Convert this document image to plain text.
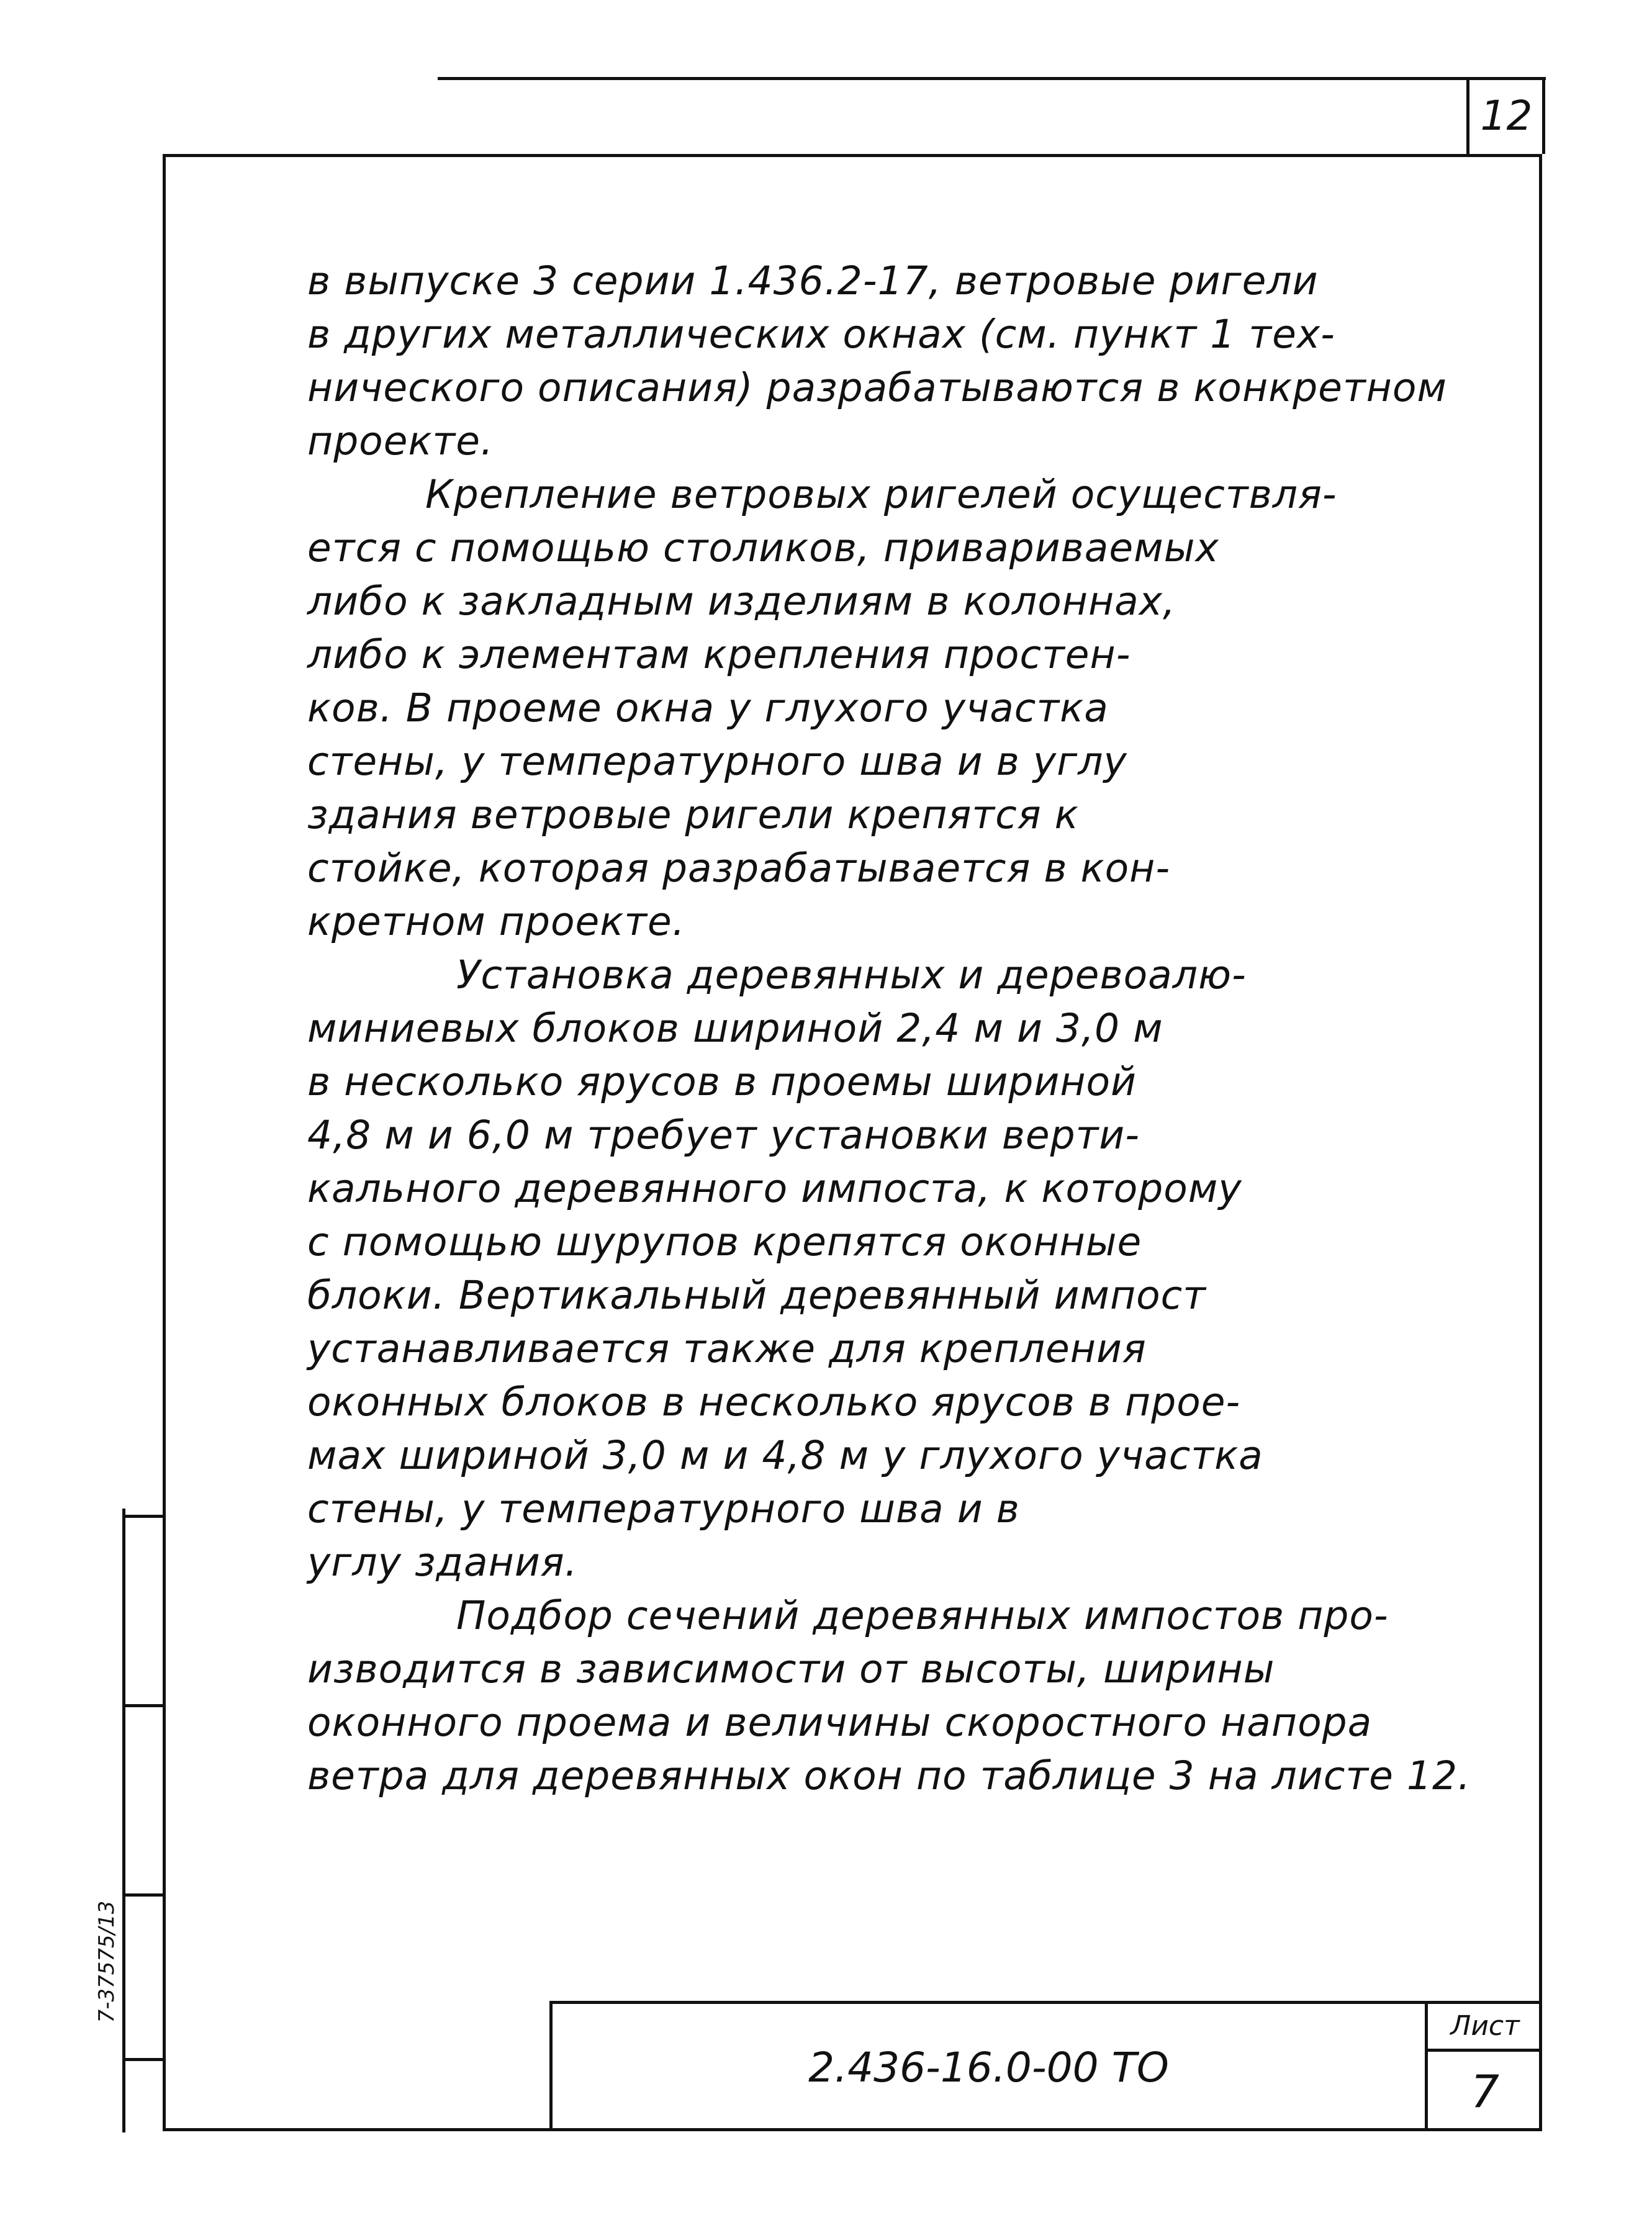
12
в выпуске 3 серии 1.436.2-17, ветровые ригели
в других металлических окнах (см. пункт 1 тех-
нического описания) разрабатываются в конкретном
проекте.
Крепление ветровых ригелей осуществля-
ется с помощью столиков, привариваемых
либо к закладным изделиям в колоннах,
либо к элементам крепления простен-
ков. В проеме окна у глухого участка
стены, у температурного шва и в углу
здания ветровые ригели крепятся к
стойке, которая разрабатывается в кон-
кретном проекте.
Установка деревянных и деревоалю-
миниевых блоков шириной 2,4 м и 3,0 м
в несколько ярусов в проемы шириной
4,8 м и 6,0 м требует установки верти-
кального деревянного импоста, к которому
с помощью шурупов крепятся оконные
блоки. Вертикальный деревянный импост
устанавливается также для крепления
оконных блоков в несколько ярусов в прое-
мах шириной 3,0 м и 4,8 м у глухого участка
стены, у температурного шва и в
углу здания.
Подбор сечений деревянных импостов про-
изводится в зависимости от высоты, ширины
оконного проема и величины скоростного напора
ветра для деревянных окон по таблице 3 на листе 12.
2.436-16.0-00 ТО
Лист
7
7-37575/13
